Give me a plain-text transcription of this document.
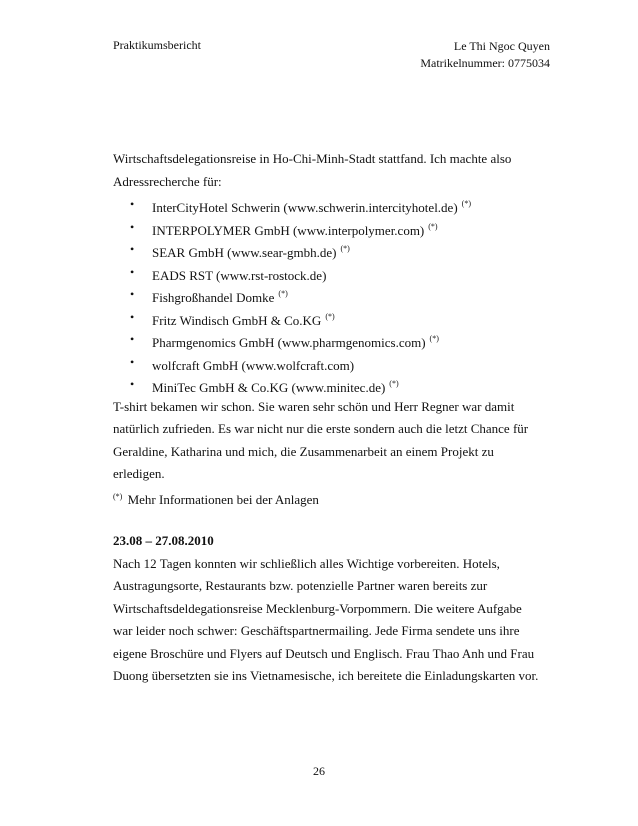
Praktikumsbericht	Le Thi Ngoc Quyen
Matrikelnummer: 0775034
Wirtschaftsdelegationsreise in Ho-Chi-Minh-Stadt stattfand. Ich machte also
Adressrecherche für:
• InterCityHotel Schwerin (www.schwerin.intercityhotel.de) (*)
• INTERPOLYMER GmbH (www.interpolymer.com) (*)
• SEAR GmbH (www.sear-gmbh.de) (*)
• EADS RST (www.rst-rostock.de)
• Fishgroßhandel Domke (*)
• Fritz Windisch GmbH & Co.KG (*)
• Pharmgenomics GmbH (www.pharmgenomics.com) (*)
• wolfcraft GmbH (www.wolfcraft.com)
• MiniTec GmbH & Co.KG (www.minitec.de) (*)
T-shirt bekamen wir schon. Sie waren sehr schön und Herr Regner war damit
natürlich zufrieden. Es war nicht nur die erste sondern auch die letzt Chance für
Geraldine, Katharina und mich, die Zusammenarbeit an einem Projekt zu
erledigen.
(*) Mehr Informationen bei der Anlagen
23.08 – 27.08.2010
Nach 12 Tagen konnten wir schließlich alles Wichtige vorbereiten. Hotels,
Austragungsorte, Restaurants bzw. potenzielle Partner waren bereits zur
Wirtschaftsdeldegationsreise Mecklenburg-Vorpommern. Die weitere Aufgabe
war leider noch schwer: Geschäftspartnermailing. Jede Firma sendete uns ihre
eigene Broschüre und Flyers auf Deutsch und Englisch. Frau Thao Anh und Frau
Duong übersetzten sie ins Vietnamesische, ich bereitete die Einladungskarten vor.
26
